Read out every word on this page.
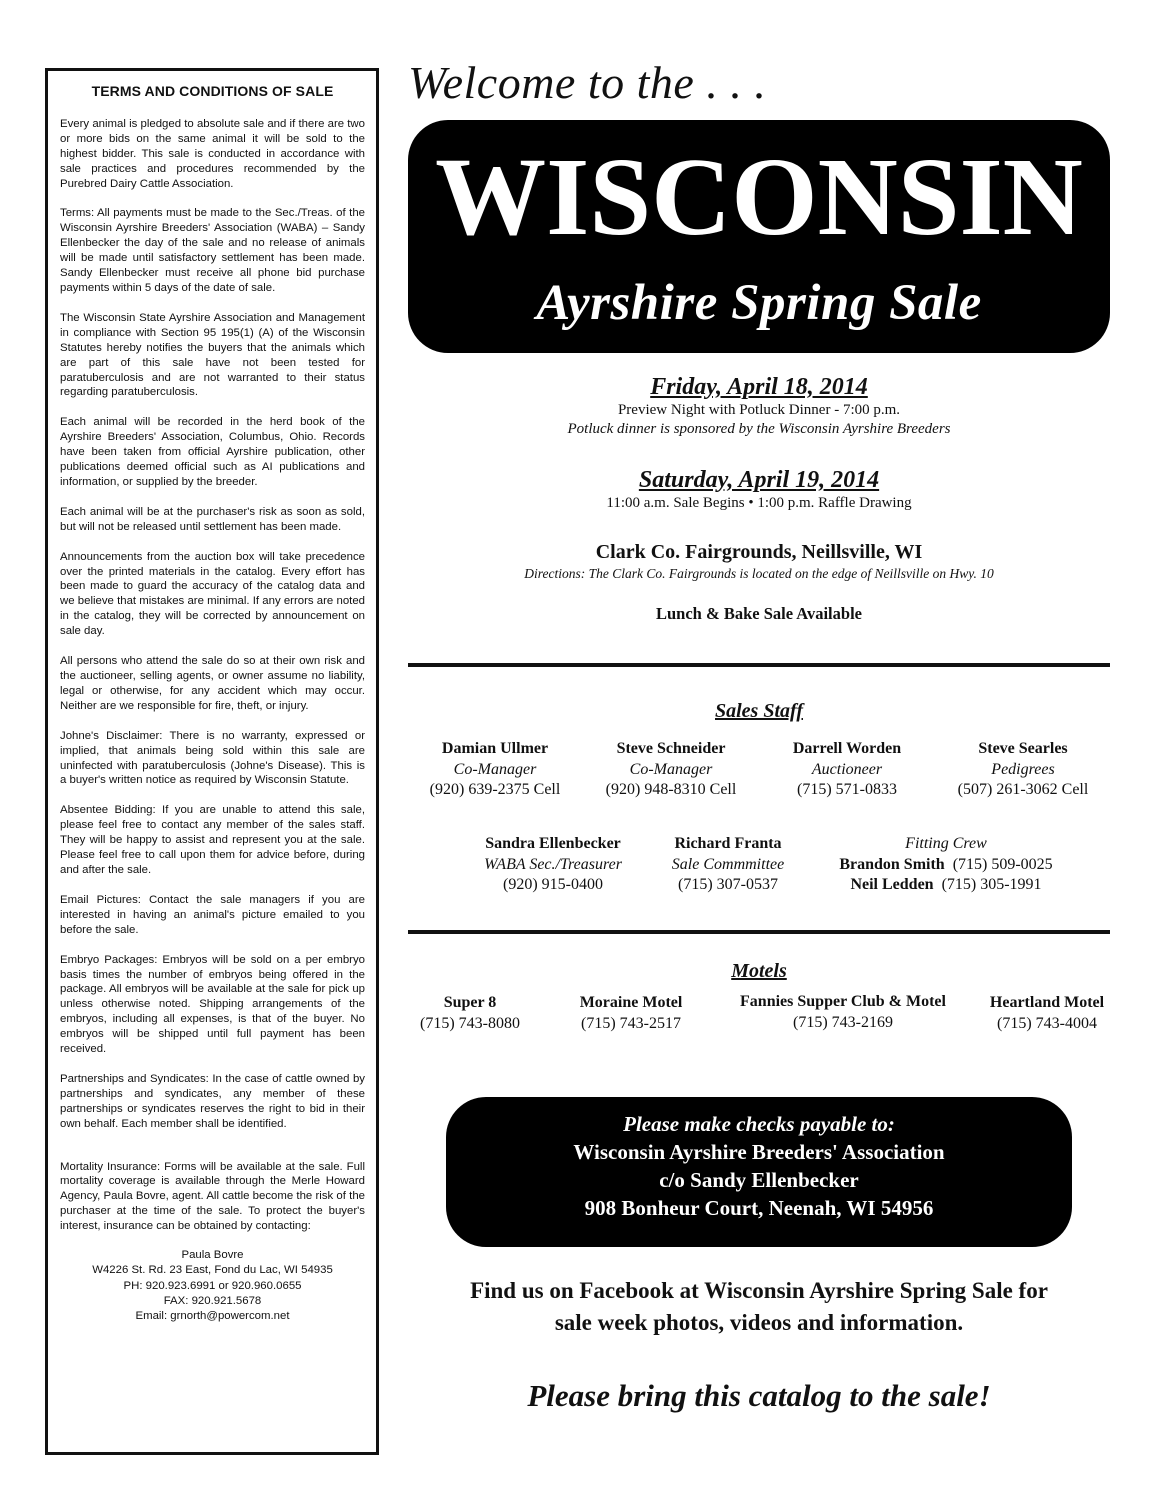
TERMS AND CONDITIONS OF SALE

Every animal is pledged to absolute sale and if there are two or more bids on the same animal it will be sold to the highest bidder. This sale is conducted in accordance with sale practices and procedures recommended by the Purebred Dairy Cattle Association.

Terms: All payments must be made to the Sec./Treas. of the Wisconsin Ayrshire Breeders' Association (WABA) – Sandy Ellenbecker the day of the sale and no release of animals will be made until satisfactory settlement has been made. Sandy Ellenbecker must receive all phone bid purchase payments within 5 days of the date of sale.

The Wisconsin State Ayrshire Association and Management in compliance with Section 95 195(1) (A) of the Wisconsin Statutes hereby notifies the buyers that the animals which are part of this sale have not been tested for paratuberculosis and are not warranted to their status regarding paratuberculosis.

Each animal will be recorded in the herd book of the Ayrshire Breeders' Association, Columbus, Ohio. Records have been taken from official Ayrshire publication, other publications deemed official such as AI publications and information, or supplied by the breeder.

Each animal will be at the purchaser's risk as soon as sold, but will not be released until settlement has been made.

Announcements from the auction box will take precedence over the printed materials in the catalog. Every effort has been made to guard the accuracy of the catalog data and we believe that mistakes are minimal. If any errors are noted in the catalog, they will be corrected by announcement on sale day.

All persons who attend the sale do so at their own risk and the auctioneer, selling agents, or owner assume no liability, legal or otherwise, for any accident which may occur. Neither are we responsible for fire, theft, or injury.

Johne's Disclaimer: There is no warranty, expressed or implied, that animals being sold within this sale are uninfected with paratuberculosis (Johne's Disease). This is a buyer's written notice as required by Wisconsin Statute.

Absentee Bidding: If you are unable to attend this sale, please feel free to contact any member of the sales staff. They will be happy to assist and represent you at the sale. Please feel free to call upon them for advice before, during and after the sale.

Email Pictures: Contact the sale managers if you are interested in having an animal's picture emailed to you before the sale.

Embryo Packages: Embryos will be sold on a per embryo basis times the number of embryos being offered in the package. All embryos will be available at the sale for pick up unless otherwise noted. Shipping arrangements of the embryos, including all expenses, is that of the buyer. No embryos will be shipped until full payment has been received.

Partnerships and Syndicates: In the case of cattle owned by partnerships and syndicates, any member of these partnerships or syndicates reserves the right to bid in their own behalf. Each member shall be identified.

Mortality Insurance: Forms will be available at the sale. Full mortality coverage is available through the Merle Howard Agency, Paula Bovre, agent. All cattle become the risk of the purchaser at the time of the sale. To protect the buyer's interest, insurance can be obtained by contacting:

Paula Bovre
W4226 St. Rd. 23 East, Fond du Lac, WI 54935
PH: 920.923.6991 or 920.960.0655
FAX: 920.921.5678
Email: grnorth@powercom.net
Welcome to the . . .
WISCONSIN
Ayrshire Spring Sale
Friday, April 18, 2014
Preview Night with Potluck Dinner - 7:00 p.m.
Potluck dinner is sponsored by the Wisconsin Ayrshire Breeders
Saturday, April 19, 2014
11:00 a.m. Sale Begins • 1:00 p.m. Raffle Drawing
Clark Co. Fairgrounds, Neillsville, WI
Directions: The Clark Co. Fairgrounds is located on the edge of Neillsville on Hwy. 10
Lunch & Bake Sale Available
Sales Staff
Damian Ullmer
Co-Manager
(920) 639-2375 Cell
Steve Schneider
Co-Manager
(920) 948-8310 Cell
Darrell Worden
Auctioneer
(715) 571-0833
Steve Searles
Pedigrees
(507) 261-3062 Cell
Sandra Ellenbecker
WABA Sec./Treasurer
(920) 915-0400
Richard Franta
Sale Commmittee
(715) 307-0537
Fitting Crew
Brandon Smith (715) 509-0025
Neil Ledden (715) 305-1991
Motels
Super 8
(715) 743-8080
Moraine Motel
(715) 743-2517
Fannies Supper Club & Motel
(715) 743-2169
Heartland Motel
(715) 743-4004
Please make checks payable to:
Wisconsin Ayrshire Breeders' Association
c/o Sandy Ellenbecker
908 Bonheur Court, Neenah, WI 54956
Find us on Facebook at Wisconsin Ayrshire Spring Sale for
sale week photos, videos and information.
Please bring this catalog to the sale!
